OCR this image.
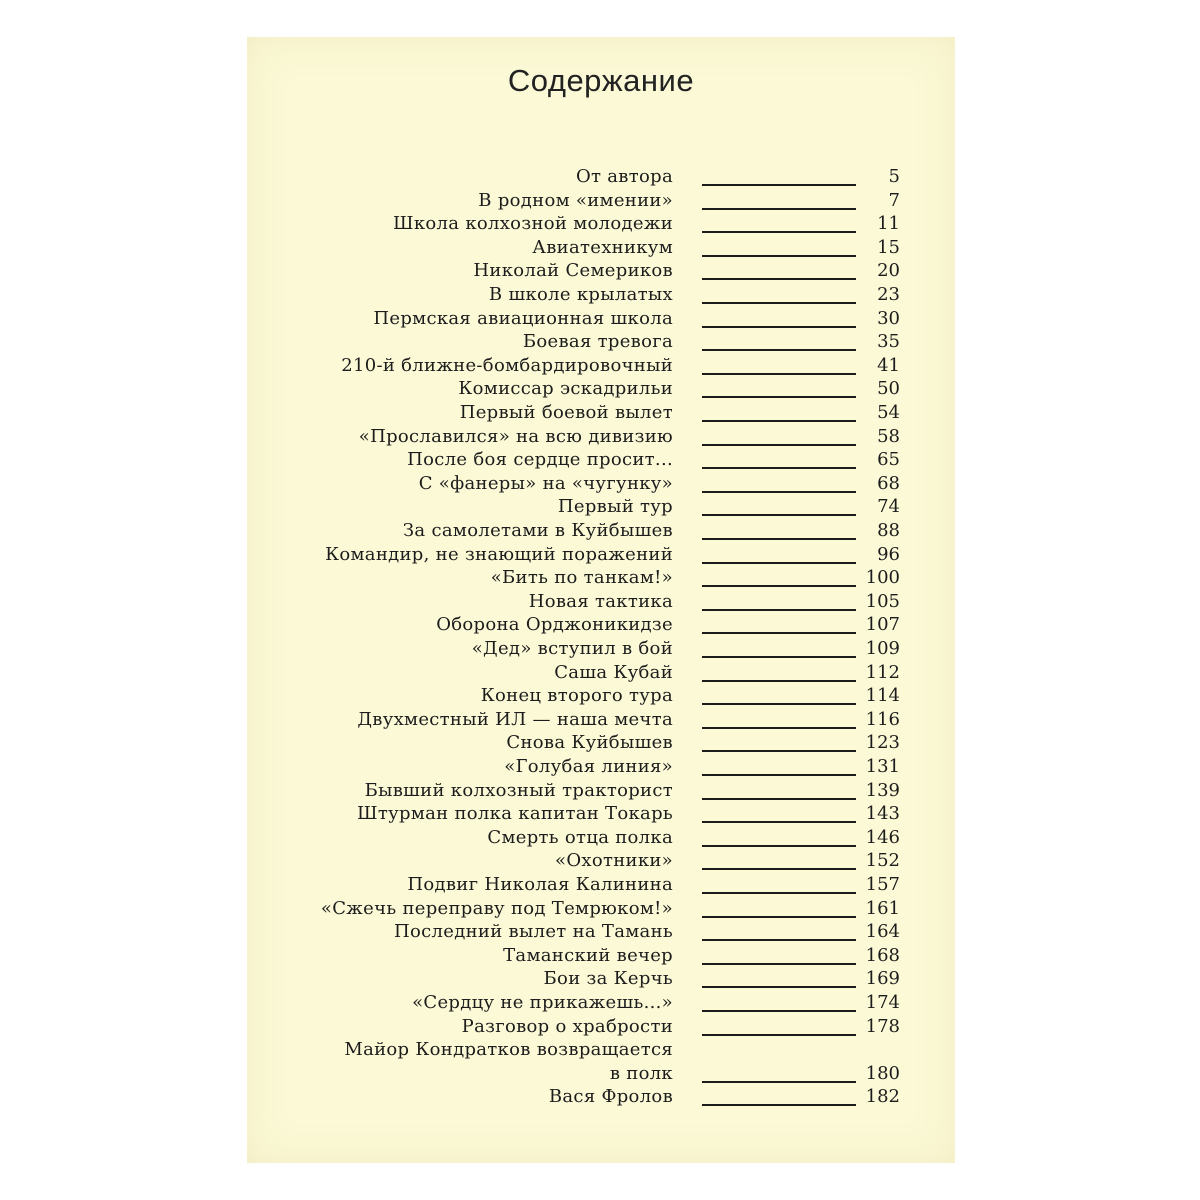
Содержание
От автора	5
В родном «имении»	7
Школа колхозной молодежи	11
Авиатехникум	15
Николай Семериков	20
В школе крылатых	23
Пермская авиационная школа	30
Боевая тревога	35
210-й ближне-бомбардировочный	41
Комиссар эскадрильи	50
Первый боевой вылет	54
«Прославился» на всю дивизию	58
После боя сердце просит...	65
С «фанеры» на «чугунку»	68
Первый тур	74
За самолетами в Куйбышев	88
Командир, не знающий поражений	96
«Бить по танкам!»	100
Новая тактика	105
Оборона Орджоникидзе	107
«Дед» вступил в бой	109
Саша Кубай	112
Конец второго тура	114
Двухместный ИЛ — наша мечта	116
Снова Куйбышев	123
«Голубая линия»	131
Бывший колхозный тракторист	139
Штурман полка капитан Токарь	143
Смерть отца полка	146
«Охотники»	152
Подвиг Николая Калинина	157
«Сжечь переправу под Темрюком!»	161
Последний вылет на Тамань	164
Таманский вечер	168
Бои за Керчь	169
«Сердцу не прикажешь...»	174
Разговор о храбрости	178
Майор Кондратков возвращается
в полк	180
Вася Фролов	182
